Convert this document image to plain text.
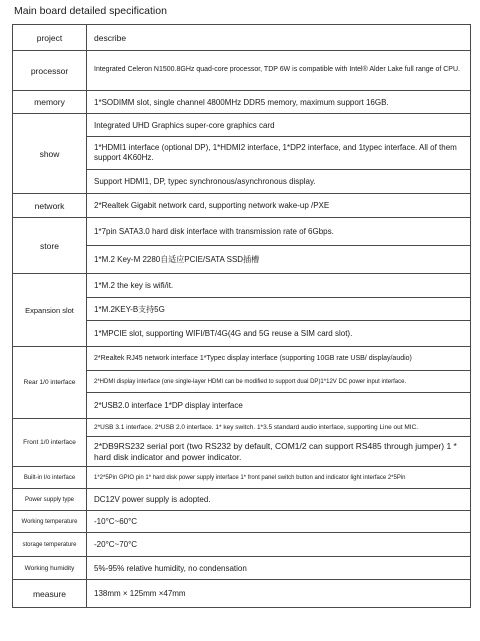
Main board detailed specification
project	describe
processor	Integrated Celeron N1500.8GHz quad-core processor, TDP 6W is compatible with Intel® Alder Lake full range of CPU.
memory	1*SODIMM slot, single channel 4800MHz DDR5 memory, maximum support 16GB.
show	Integrated UHD Graphics super-core graphics card
	1*HDMI1 interface (optional DP), 1*HDMI2 interface, 1*DP2 interface, and 1typec interface. All of them support 4K60Hz.
	Support HDMI1, DP, typec synchronous/asynchronous display.
network	2*Realtek Gigabit network card, supporting network wake-up /PXE
store	1*7pin SATA3.0 hard disk interface with transmission rate of 6Gbps.
	1*M.2 Key-M 2280自适应PCIE/SATA SSD插槽
Expansion slot	1*M.2 the key is wifi/it.
	1*M.2KEY-B支持5G
	1*MPCIE slot, supporting WIFI/BT/4G(4G and 5G reuse a SIM card slot).
Rear 1/0 interface	2*Realtek RJ45 network interface 1*Typec display interface (supporting 10GB rate USB/ display/audio)
	2*HDMI display interface (one single-layer HDMI can be modified to support dual DP)1*12V DC power input interface.
	2*USB2.0 interface 1*DP display interface
Front 1/0 interface	2*USB 3.1 interface. 2*USB 2.0 interface. 1* key switch. 1*3.5 standard audio interface, supporting Line out MIC.
	2*DB9RS232 serial port (two RS232 by default, COM1/2 can support RS485 through jumper) 1 * hard disk indicator and power indicator.
Built-in I/o interface	1*2*5Pin GPIO pin 1* hard disk power supply interface 1* front panel switch button and indicator light interface 2*5Pin
Power supply type	DC12V power supply is adopted.
Working temperature	-10°C~60°C
storage temperature	-20°C~70°C
Working humidity	5%-95% relative humidity, no condensation
measure	138mm × 125mm ×47mm
